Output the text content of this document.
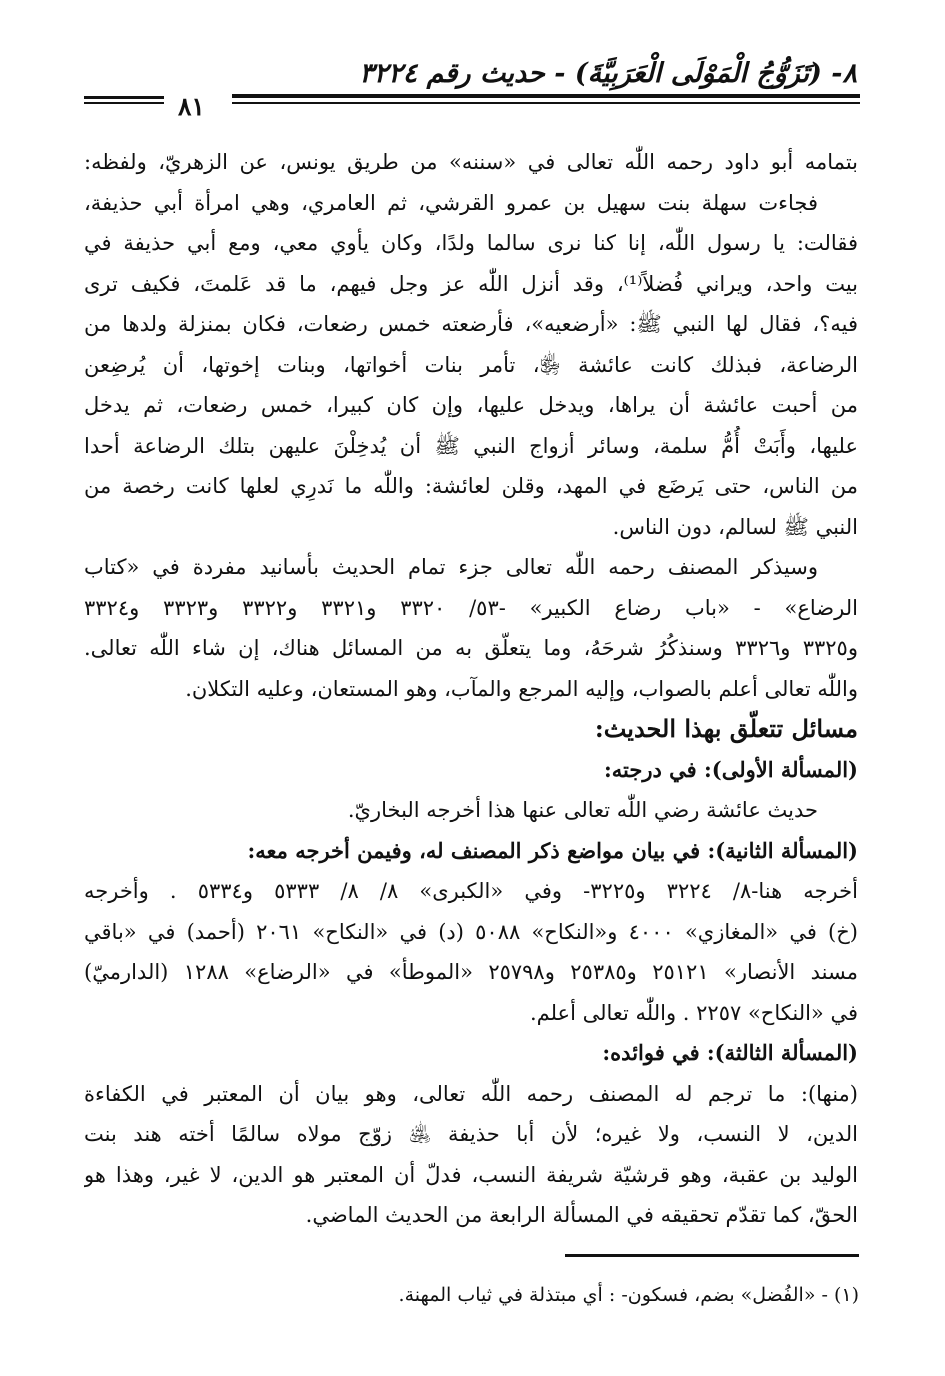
٨- (تَزَوُّجُ الْمَوْلَى الْعَرَبِيَّةَ) - حديث رقم ٣٢٢٤
٨١
بتمامه أبو داود رحمه اللّٰه تعالى في «سننه» من طريق يونس، عن الزهريّ، ولفظه:
فجاءت سهلة بنت سهيل بن عمرو القرشي، ثم العامري، وهي امرأة أبي حذيفة،
فقالت: يا رسول اللّٰه، إنا كنا نرى سالما ولدًا، وكان يأوي معي، ومع أبي حذيفة في
بيت واحد، ويراني فُضلاً⁽¹⁾، وقد أنزل اللّٰه عز وجل فيهم، ما قد عَلمتَ، فكيف ترى
فيه؟، فقال لها النبي ﷺ: «أرضعيه»، فأرضعته خمس رضعات، فكان بمنزلة ولدها من
الرضاعة، فبذلك كانت عائشة ﵂، تأمر بنات أخواتها، وبنات إخوتها، أن يُرضِعن
من أحبت عائشة أن يراها، ويدخل عليها، وإن كان كبيرا، خمس رضعات، ثم يدخل
عليها، وأَبَتْ أُمُّ سلمة، وسائر أزواج النبي ﷺ أن يُدخِلْنَ عليهن بتلك الرضاعة أحدا
من الناس، حتى يَرضَع في المهد، وقلن لعائشة: واللّٰه ما نَدرِي لعلها كانت رخصة من
النبي ﷺ لسالم، دون الناس.
وسيذكر المصنف رحمه اللّٰه تعالى جزء تمام الحديث بأسانيد مفردة في «كتاب
الرضاع» - «باب رضاع الكبير» -٥٣/ ٣٣٢٠ و٣٣٢١ و٣٣٢٢ و٣٣٢٣ و٣٣٢٤
و٣٣٢٥ و٣٣٢٦ وسنذكُرُ شرحَهُ، وما يتعلّق به من المسائل هناك، إن شاء اللّٰه تعالى.
واللّٰه تعالى أعلم بالصواب، وإليه المرجع والمآب، وهو المستعان، وعليه التكلان.
مسائل تتعلّق بهذا الحديث:
(المسألة الأولى): في درجته:
حديث عائشة رضي اللّٰه تعالى عنها هذا أخرجه البخاريّ.
(المسألة الثانية): في بيان مواضع ذكر المصنف له، وفيمن أخرجه معه:
أخرجه هنا-٨/ ٣٢٢٤ و٣٢٢٥- وفي «الكبرى» ٨/ ٨/ ٥٣٣٣ و٥٣٣٤ . وأخرجه
(خ) في «المغازي» ٤٠٠٠ و«النكاح» ٥٠٨٨ (د) في «النكاح» ٢٠٦١ (أحمد) في «باقي
مسند الأنصار» ٢٥١٢١ و٢٥٣٨٥ و٢٥٧٩٨ «الموطأ» في «الرضاع» ١٢٨٨ (الدارميّ)
في «النكاح» ٢٢٥٧ . واللّٰه تعالى أعلم.
(المسألة الثالثة): في فوائده:
(منها): ما ترجم له المصنف رحمه اللّٰه تعالى، وهو بيان أن المعتبر في الكفاءة
الدين، لا النسب، ولا غيره؛ لأن أبا حذيفة ﵁ زوّج مولاه سالمًا أخته هند بنت
الوليد بن عقبة، وهو قرشيّة شريفة النسب، فدلّ أن المعتبر هو الدين، لا غير، وهذا هو
الحقّ، كما تقدّم تحقيقه في المسألة الرابعة من الحديث الماضي.
(١) - «الفُضل» بضم، فسكون- : أي مبتذلة في ثياب المهنة.
